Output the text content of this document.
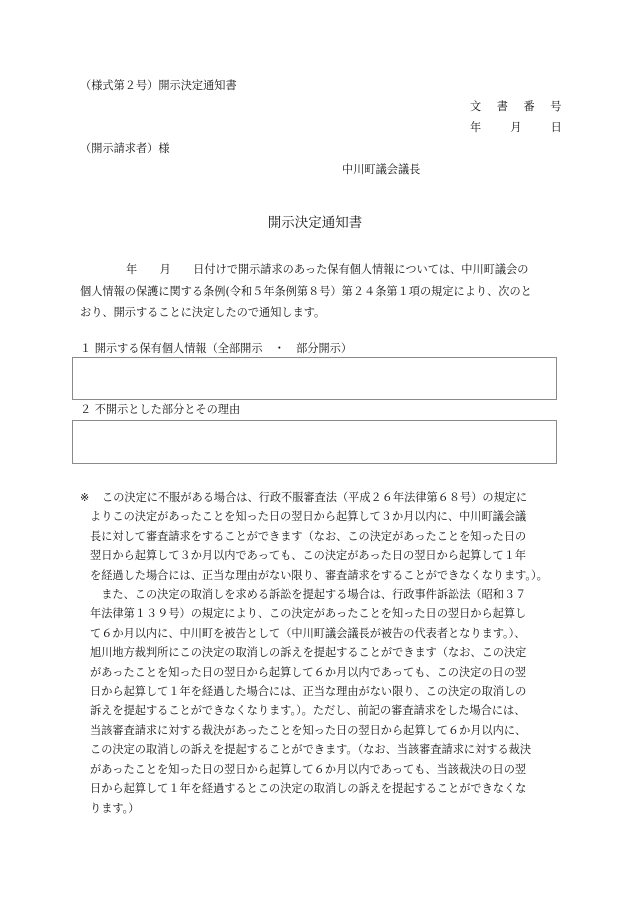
（様式第２号）開示決定通知書
文 書 番 号
年	月	日
（開示請求者）様
中川町議会議長
開示決定通知書
年　　月　　日付けで開示請求のあった保有個人情報については、中川町議会の
個人情報の保護に関する条例(令和５年条例第８号）第２４条第１項の規定により、次のと
おり、開示することに決定したので通知します。
１ 開示する保有個人情報（全部開示　・　部分開示）
２ 不開示とした部分とその理由
※ この決定に不服がある場合は、行政不服審査法（平成２６年法律第６８号）の規定に
よりこの決定があったことを知った日の翌日から起算して３か月以内に、中川町議会議
長に対して審査請求をすることができます（なお、この決定があったことを知った日の
翌日から起算して３か月以内であっても、この決定があった日の翌日から起算して１年
を経過した場合には、正当な理由がない限り、審査請求をすることができなくなります。）。
　また、この決定の取消しを求める訴訟を提起する場合は、行政事件訴訟法（昭和３７
年法律第１３９号）の規定により、この決定があったことを知った日の翌日から起算し
て６か月以内に、中川町を被告として（中川町議会議長が被告の代表者となります。）、
旭川地方裁判所にこの決定の取消しの訴えを提起することができます（なお、この決定
があったことを知った日の翌日から起算して６か月以内であっても、この決定の日の翌
日から起算して１年を経過した場合には、正当な理由がない限り、この決定の取消しの
訴えを提起することができなくなります。）。ただし、前記の審査請求をした場合には、
当該審査請求に対する裁決があったことを知った日の翌日から起算して６か月以内に、
この決定の取消しの訴えを提起することができます。（なお、当該審査請求に対する裁決
があったことを知った日の翌日から起算して６か月以内であっても、当該裁決の日の翌
日から起算して１年を経過するとこの決定の取消しの訴えを提起することができなくな
ります。）
